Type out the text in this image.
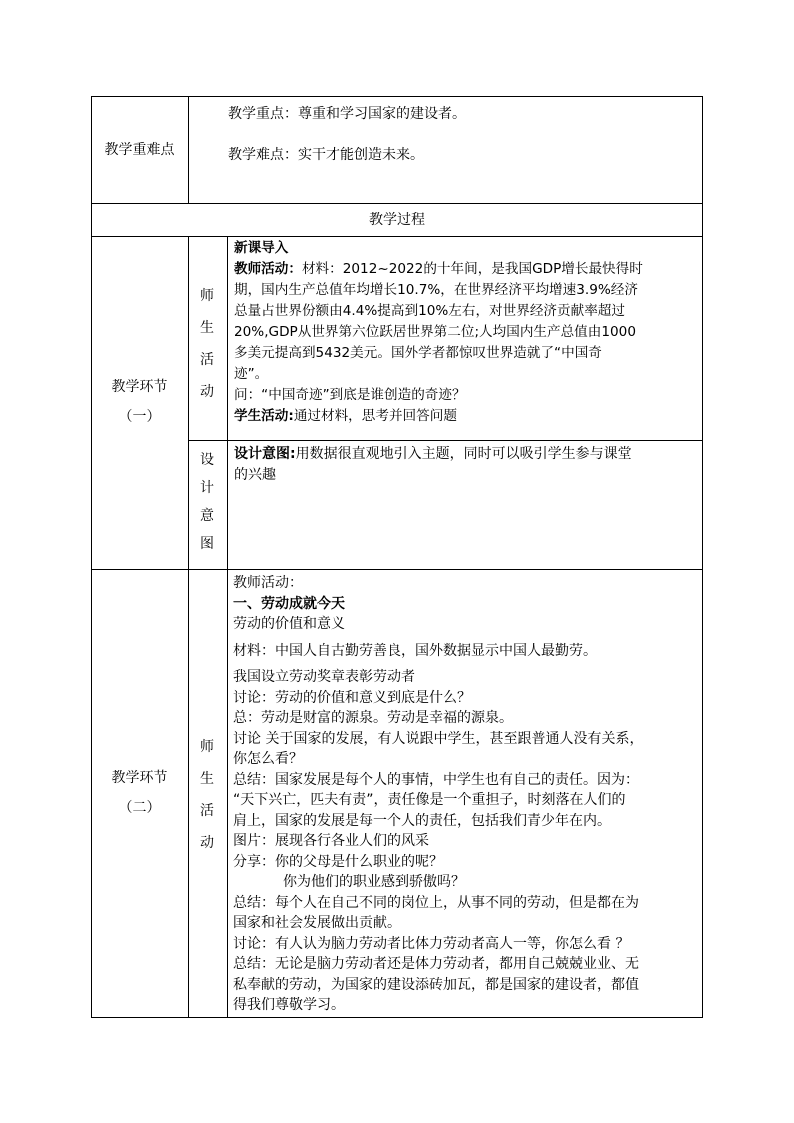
教学重难点

教学重点：尊重和学习国家的建设者。

教学难点：实干才能创造未来。

教学过程
教学环节
（一）
师
生
活
动

新课导入

教师活动：材料：2012~2022的十年间，是我国GDP增长最快得时

期，国内生产总值年均增长10.7%，在世界经济平均增速3.9%经济

总量占世界份额由4.4%提高到10%左右，对世界经济贡献率超过

20%,GDP从世界第六位跃居世界第二位;人均国内生产总值由1000

多美元提高到5432美元。国外学者都惊叹世界造就了“中国奇

迹”。

问：“中国奇迹”到底是谁创造的奇迹？

学生活动:通过材料，思考并回答问题

设
计
意
图

设计意图:用数据很直观地引入主题，同时可以吸引学生参与课堂

的兴趣

教学环节
（二）
师
生
活
动

教师活动：

一、劳动成就今天

劳动的价值和意义

材料：中国人自古勤劳善良，国外数据显示中国人最勤劳。

我国设立劳动奖章表彰劳动者

讨论：劳动的价值和意义到底是什么？

总：劳动是财富的源泉。劳动是幸福的源泉。

讨论 关于国家的发展，有人说跟中学生，甚至跟普通人没有关系，

你怎么看？

总结：国家发展是每个人的事情，中学生也有自己的责任。因为：

“天下兴亡，匹夫有责”，责任像是一个重担子，时刻落在人们的

肩上，国家的发展是每一个人的责任，包括我们青少年在内。

图片：展现各行各业人们的风采

分享：你的父母是什么职业的呢？

你为他们的职业感到骄傲吗？

总结：每个人在自己不同的岗位上，从事不同的劳动，但是都在为

国家和社会发展做出贡献。

讨论：有人认为脑力劳动者比体力劳动者高人一等，你怎么看 ？

总结：无论是脑力劳动者还是体力劳动者，都用自己兢兢业业、无

私奉献的劳动，为国家的建设添砖加瓦，都是国家的建设者，都值

得我们尊敬学习。
